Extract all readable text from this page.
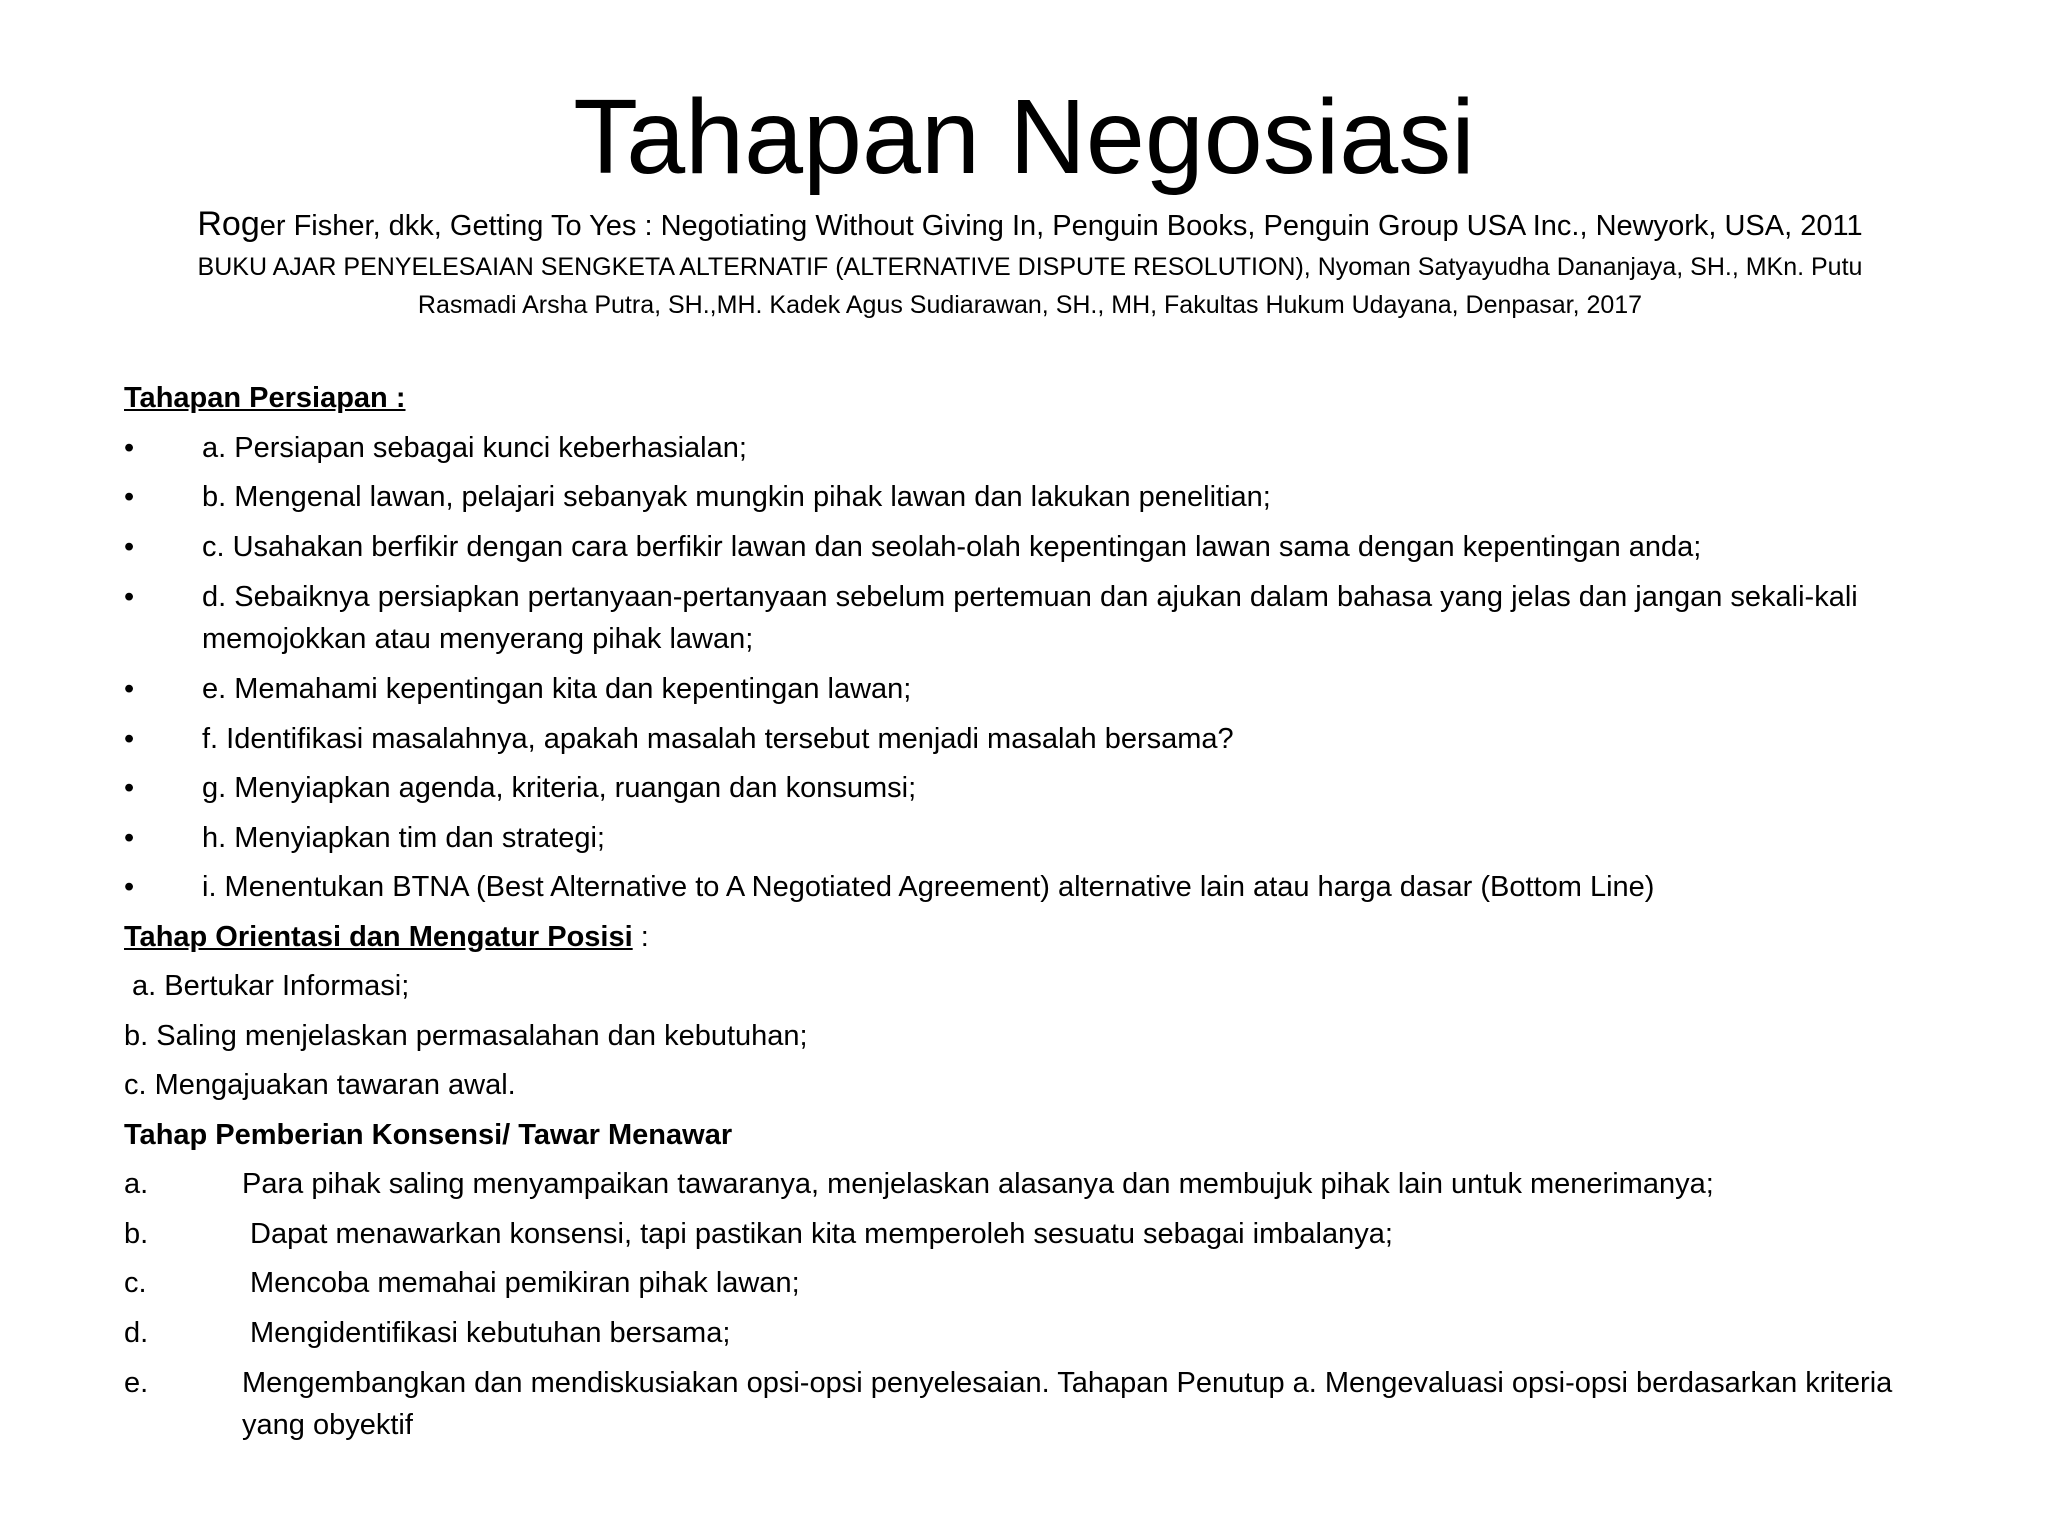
Tahapan Negosiasi
Roger Fisher, dkk, Getting To Yes : Negotiating Without Giving In, Penguin Books, Penguin Group USA Inc., Newyork, USA, 2011
BUKU AJAR PENYELESAIAN SENGKETA ALTERNATIF (ALTERNATIVE DISPUTE RESOLUTION), Nyoman Satyayudha Dananjaya, SH., MKn. Putu
Rasmadi Arsha Putra, SH.,MH. Kadek Agus Sudiarawan, SH., MH, Fakultas Hukum Udayana, Denpasar, 2017
Tahapan Persiapan :
• a. Persiapan sebagai kunci keberhasialan;
• b. Mengenal lawan, pelajari sebanyak mungkin pihak lawan dan lakukan penelitian;
• c. Usahakan berfikir dengan cara berfikir lawan dan seolah-olah kepentingan lawan sama dengan kepentingan anda;
• d. Sebaiknya persiapkan pertanyaan-pertanyaan sebelum pertemuan dan ajukan dalam bahasa yang jelas dan jangan sekali-kali memojokkan atau menyerang pihak lawan;
• e. Memahami kepentingan kita dan kepentingan lawan;
• f. Identifikasi masalahnya, apakah masalah tersebut menjadi masalah bersama?
• g. Menyiapkan agenda, kriteria, ruangan dan konsumsi;
• h. Menyiapkan tim dan strategi;
• i. Menentukan BTNA (Best Alternative to A Negotiated Agreement) alternative lain atau harga dasar (Bottom Line)
Tahap Orientasi dan Mengatur Posisi :
a. Bertukar Informasi;
b. Saling menjelaskan permasalahan dan kebutuhan;
c. Mengajuakan tawaran awal.
Tahap Pemberian Konsensi/ Tawar Menawar
a.	Para pihak saling menyampaikan tawaranya, menjelaskan alasanya dan membujuk pihak lain untuk menerimanya;
b.	Dapat menawarkan konsensi, tapi pastikan kita memperoleh sesuatu sebagai imbalanya;
c.	Mencoba memahai pemikiran pihak lawan;
d.	Mengidentifikasi kebutuhan bersama;
e.	Mengembangkan dan mendiskusiakan opsi-opsi penyelesaian. Tahapan Penutup a. Mengevaluasi opsi-opsi berdasarkan kriteria yang obyektif
